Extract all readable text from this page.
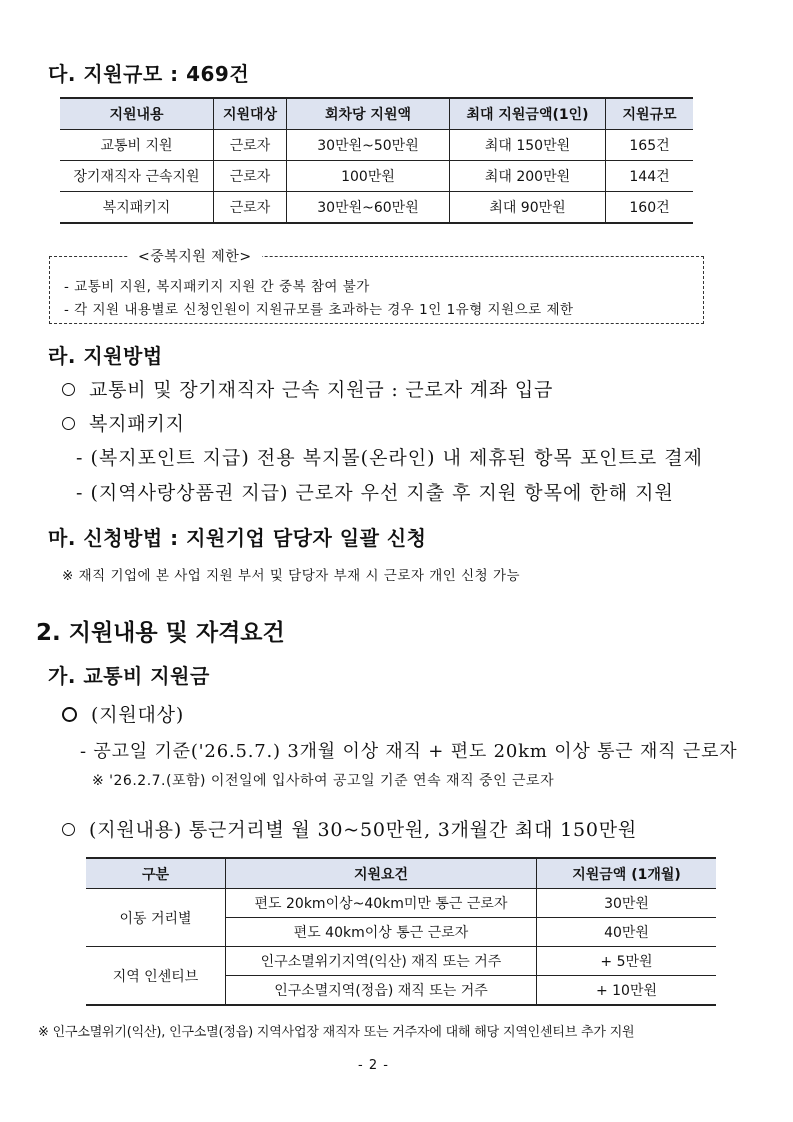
다. 지원규모 : 469건
지원내용	지원대상	회차당 지원액	최대 지원금액(1인)	지원규모
교통비 지원	근로자	30만원~50만원	최대 150만원	165건
장기재직자 근속지원	근로자	100만원	최대 200만원	144건
복지패키지	근로자	30만원~60만원	최대 90만원	160건
<중복지원 제한>
- 교통비 지원, 복지패키지 지원 간 중복 참여 불가
- 각 지원 내용별로 신청인원이 지원규모를 초과하는 경우 1인 1유형 지원으로 제한
라. 지원방법
교통비 및 장기재직자 근속 지원금 : 근로자 계좌 입금
복지패키지
- (복지포인트 지급) 전용 복지몰(온라인) 내 제휴된 항목 포인트로 결제
- (지역사랑상품권 지급) 근로자 우선 지출 후 지원 항목에 한해 지원
마. 신청방법 : 지원기업 담당자 일괄 신청
※ 재직 기업에 본 사업 지원 부서 및 담당자 부재 시 근로자 개인 신청 가능
2. 지원내용 및 자격요건
가. 교통비 지원금
(지원대상)
- 공고일 기준('26.5.7.) 3개월 이상 재직 + 편도 20km 이상 통근 재직 근로자
※ '26.2.7.(포함) 이전일에 입사하여 공고일 기준 연속 재직 중인 근로자
(지원내용) 통근거리별 월 30~50만원, 3개월간 최대 150만원
구분	지원요건	지원금액 (1개월)
이동 거리별	편도 20km이상~40km미만 통근 근로자	30만원
	편도 40km이상 통근 근로자	40만원
지역 인센티브	인구소멸위기지역(익산) 재직 또는 거주	+ 5만원
	인구소멸지역(정읍) 재직 또는 거주	+ 10만원
※ 인구소멸위기(익산), 인구소멸(정읍) 지역사업장 재직자 또는 거주자에 대해 해당 지역인센티브 추가 지원
- 2 -
